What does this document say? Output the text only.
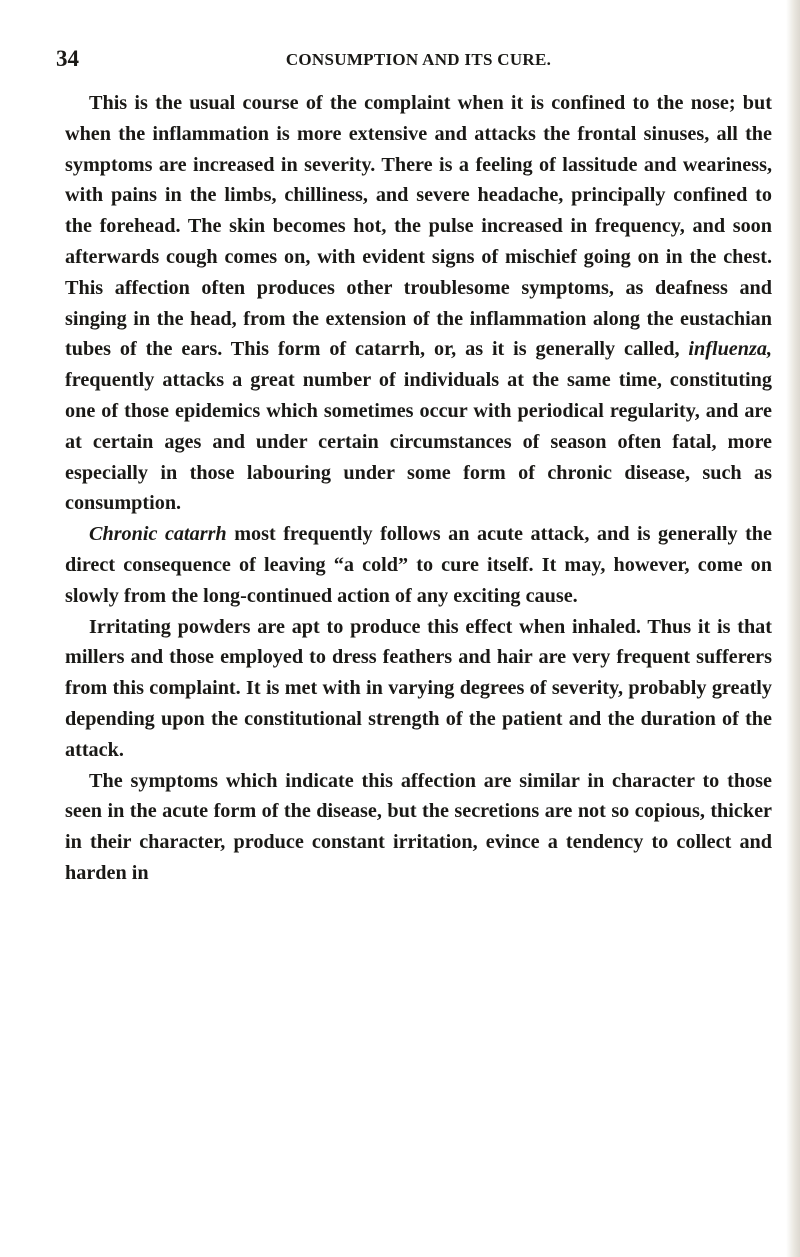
34	CONSUMPTION AND ITS CURE.

This is the usual course of the complaint when it is confined to the nose; but when the inflammation is more extensive and attacks the frontal sinuses, all the symptoms are increased in severity. There is a feeling of lassitude and weariness, with pains in the limbs, chilliness, and severe headache, principally confined to the forehead. The skin becomes hot, the pulse increased in frequency, and soon afterwards cough comes on, with evident signs of mischief going on in the chest. This affection often produces other troublesome symptoms, as deafness and singing in the head, from the extension of the inflammation along the eustachian tubes of the ears. This form of catarrh, or, as it is generally called, influenza, frequently attacks a great number of individuals at the same time, constituting one of those epidemics which sometimes occur with periodical regularity, and are at certain ages and under certain circumstances of season often fatal, more especially in those labouring under some form of chronic disease, such as consumption.

Chronic catarrh most frequently follows an acute attack, and is generally the direct consequence of leaving “a cold” to cure itself. It may, however, come on slowly from the long-continued action of any exciting cause.

Irritating powders are apt to produce this effect when inhaled. Thus it is that millers and those employed to dress feathers and hair are very frequent sufferers from this complaint. It is met with in varying degrees of severity, probably greatly depending upon the constitutional strength of the patient and the duration of the attack.

The symptoms which indicate this affection are similar in character to those seen in the acute form of the disease, but the secretions are not so copious, thicker in their character, produce constant irritation, evince a tendency to collect and harden in
